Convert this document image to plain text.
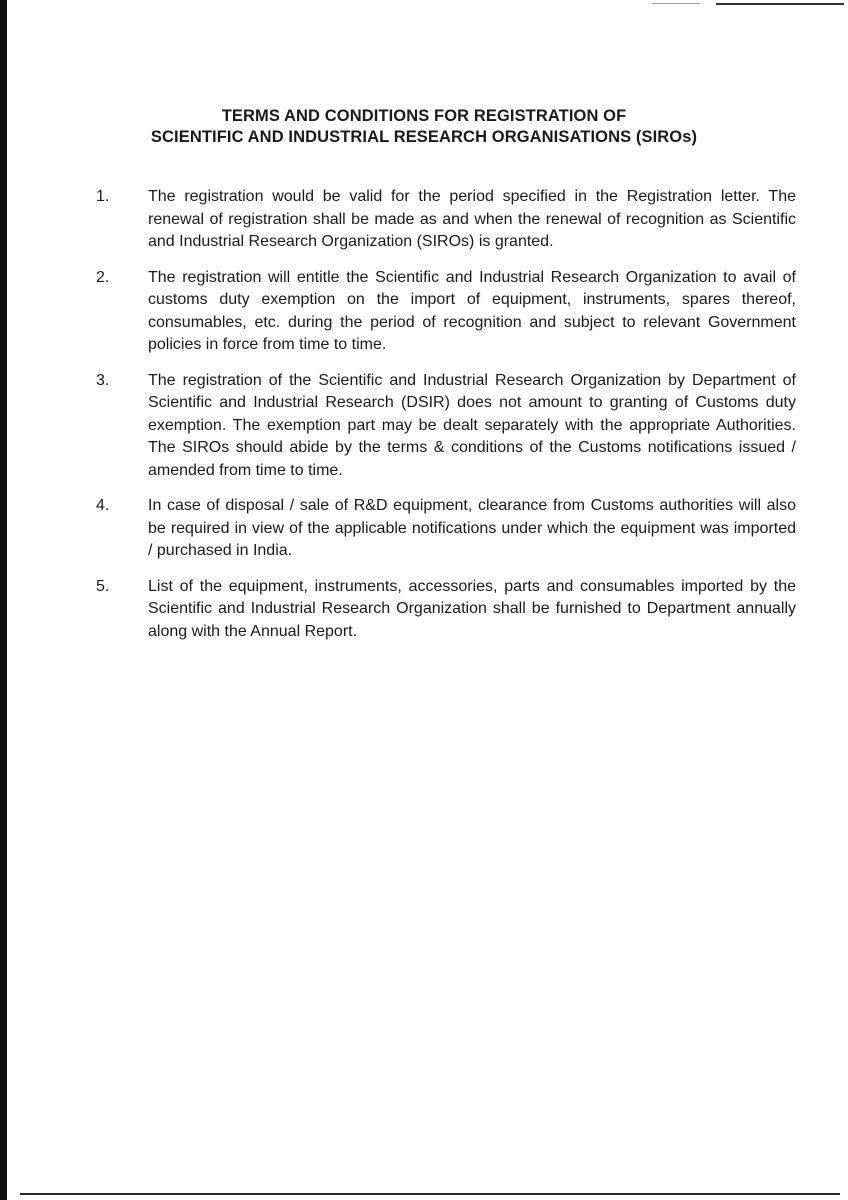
TERMS AND CONDITIONS FOR REGISTRATION OF
SCIENTIFIC AND INDUSTRIAL RESEARCH ORGANISATIONS (SIROs)
1.	The registration would be valid for the period specified in the Registration letter. The renewal of registration shall be made as and when the renewal of recognition as Scientific and Industrial Research Organization (SIROs) is granted.
2.	The registration will entitle the Scientific and Industrial Research Organization to avail of customs duty exemption on the import of equipment, instruments, spares thereof, consumables, etc. during the period of recognition and subject to relevant Government policies in force from time to time.
3.	The registration of the Scientific and Industrial Research Organization by Department of Scientific and Industrial Research (DSIR) does not amount to granting of Customs duty exemption. The exemption part may be dealt separately with the appropriate Authorities. The SIROs should abide by the terms & conditions of the Customs notifications issued / amended from time to time.
4.	In case of disposal / sale of R&D equipment, clearance from Customs authorities will also be required in view of the applicable notifications under which the equipment was imported / purchased in India.
5.	List of the equipment, instruments, accessories, parts and consumables imported by the Scientific and Industrial Research Organization shall be furnished to Department annually along with the Annual Report.
